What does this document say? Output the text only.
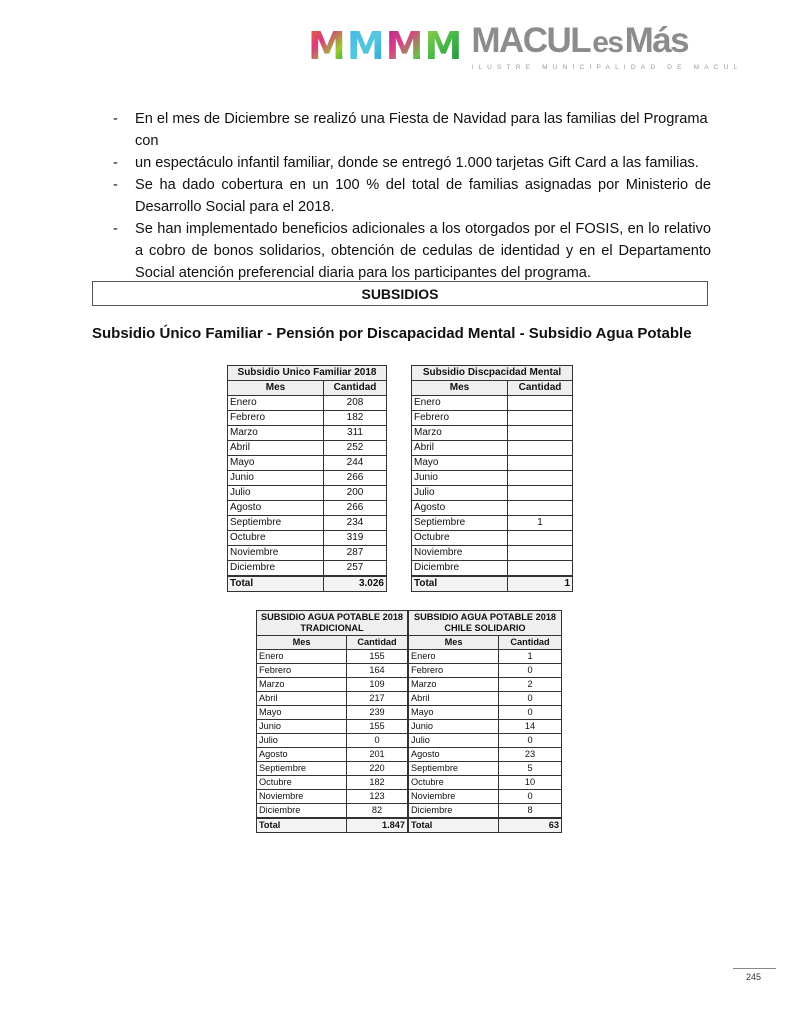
M M M M MACULesMás
ILUSTRE MUNICIPALIDAD DE MACUL
-	En el mes de Diciembre se realizó una Fiesta de Navidad para las familias del Programa con
-	un espectáculo infantil familiar, donde se entregó 1.000 tarjetas Gift Card a las familias.
-	Se ha dado cobertura en un 100 % del total de familias asignadas por Ministerio de Desarrollo Social para el 2018.
-	Se han implementado beneficios adicionales a los otorgados por el FOSIS, en lo relativo a cobro de bonos solidarios, obtención de cedulas de identidad y en el Departamento Social atención preferencial diaria para los participantes del programa.
SUBSIDIOS
Subsidio Único Familiar - Pensión por Discapacidad Mental - Subsidio Agua Potable
Subsidio Unico Familiar 2018	
Mes	Cantidad
Enero	208
Febrero	182
Marzo	311
Abril	252
Mayo	244
Junio	266
Julio	200
Agosto	266
Septiembre	234
Octubre	319
Noviembre	287
Diciembre	257
Total	3.026
Subsidio Discpacidad Mental	
Mes	Cantidad
Enero	
Febrero	
Marzo	
Abril	
Mayo	
Junio	
Julio	
Agosto	
Septiembre	1
Octubre	
Noviembre	
Diciembre	
Total	1
SUBSIDIO AGUA POTABLE 2018
TRADICIONAL	
Mes	Cantidad
Enero	155
Febrero	164
Marzo	109
Abril	217
Mayo	239
Junio	155
Julio	0
Agosto	201
Septiembre	220
Octubre	182
Noviembre	123
Diciembre	82
Total	1.847
SUBSIDIO AGUA POTABLE 2018
CHILE SOLIDARIO	
Mes	Cantidad
Enero	1
Febrero	0
Marzo	2
Abril	0
Mayo	0
Junio	14
Julio	0
Agosto	23
Septiembre	5
Octubre	10
Noviembre	0
Diciembre	8
Total	63
245
